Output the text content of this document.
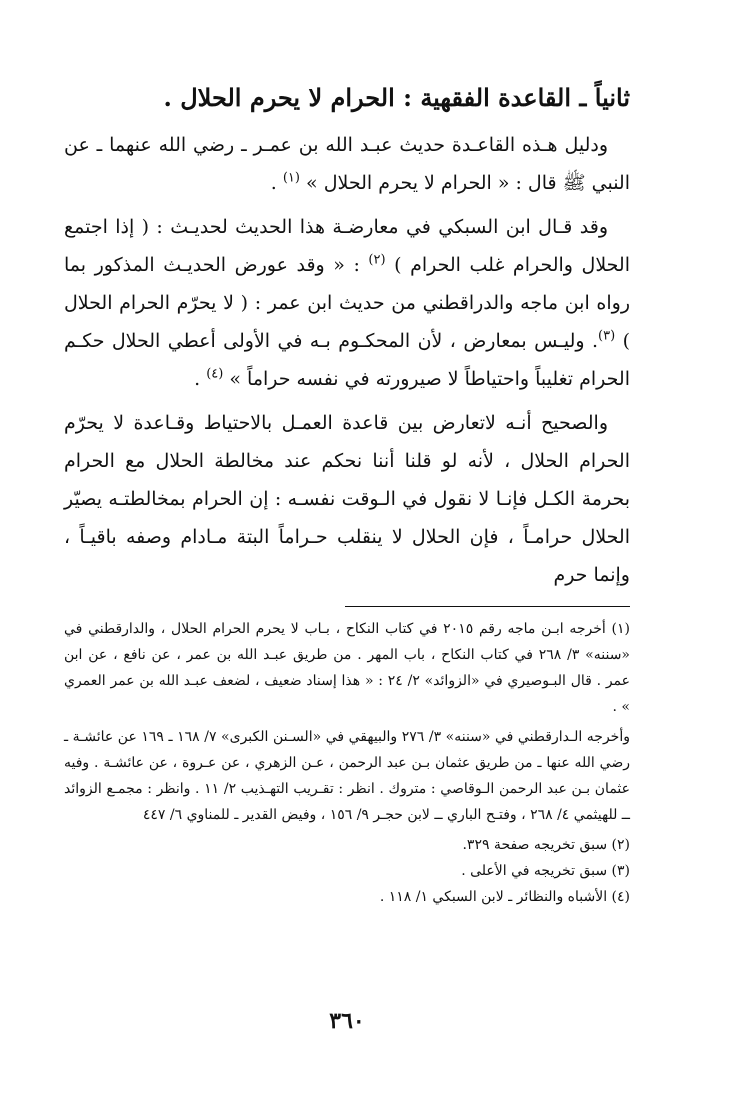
ثانياً ـ القاعدة الفقهية : الحرام لا يحرم الحلال .

ودليل هـذه القاعـدة حديث عبـد الله بن عمـر ـ رضي الله عنهما ـ عن النبي ﷺ قال : « الحرام لا يحرم الحلال » $^{(١)}$ .

وقد قـال ابن السبكي في معارضـة هذا الحديث لحديـث : ( إذا اجتمع الحلال والحرام غلب الحرام ) $^{(٢)}$ : « وقد عورض الحديـث المذكور بما رواه ابن ماجه والدراقطني من حديث ابن عمر : ( لا يحرّم الحرام الحلال ) $^{(٣)}$. وليـس بمعارض ، لأن المحكـوم بـه في الأولى أعطي الحلال حكـم الحرام تغليباً واحتياطاً لا صيرورته في نفسه حراماً » $^{(٤)}$ .

والصحيح أنـه لاتعارض بين قاعدة العمـل بالاحتياط وقـاعدة لا يحرّم الحرام الحلال ، لأنه لو قلنا أننا نحكم عند مخالطة الحلال مع الحرام بحرمة الكـل فإنـا لا نقول في الـوقت نفسـه : إن الحرام بمخالطتـه يصيّر الحلال حرامـاً ، فإن الحلال لا ينقلب حـراماً البتة مـادام وصفه باقيـاً ، وإنما حرم

(١) أخرجه ابـن ماجه رقم ٢٠١٥ في كتاب النكاح ، بـاب لا يحرم الحرام الحلال ، والدارقطني في «سننه» ٣/ ٢٦٨ في كتاب النكاح ، باب المهر . من طريق عبـد الله بن عمر ، عن نافع ، عن ابن عمر . قال البـوصيري في «الزوائد» ٢/ ٢٤ : « هذا إسناد ضعيف ، لضعف عبـد الله بن عمر العمري » .

وأخرجه الـدارقطني في «سننه» ٣/ ٢٧٦ والبيهقي في «السـنن الكبرى» ٧/ ١٦٨ ـ ١٦٩ عن عائشـة ـ رضي الله عنها ـ من طريق عثمان بـن عبد الرحمن ، عـن الزهري ، عن عـروة ، عن عائشـة . وفيه عثمان بـن عبد الرحمن الـوقاصي : متروك . انظر : تقـريب التهـذيب ٢/ ١١ . وانظر : مجمـع الزوائد ــ للهيثمي ٤/ ٢٦٨ ، وفتـح الباري ــ لابن حجـر ٩/ ١٥٦ ، وفيض القدير ـ للمناوي ٦/ ٤٤٧

(٢) سبق تخريجه صفحة ٣٢٩.

(٣) سبق تخريجه في الأعلى .

(٤) الأشباه والنظائر ـ لابن السبكي ١/ ١١٨ .

٣٦٠
